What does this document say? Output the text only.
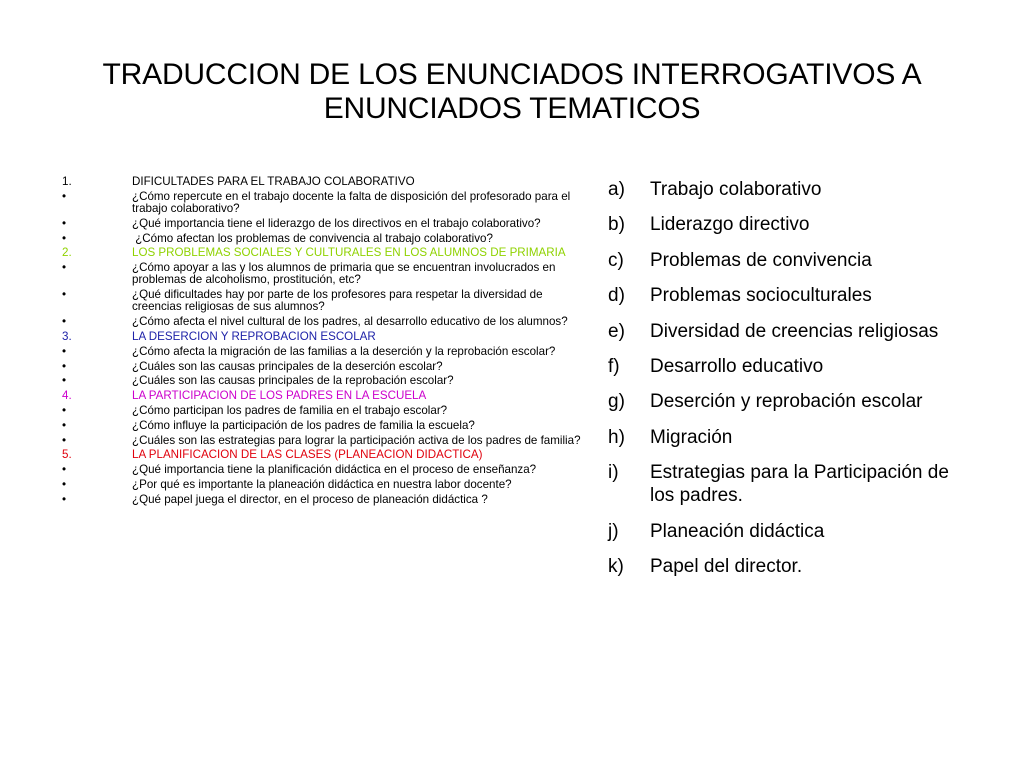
TRADUCCION DE LOS ENUNCIADOS INTERROGATIVOS A
ENUNCIADOS TEMATICOS
1.	DIFICULTADES PARA EL TRABAJO COLABORATIVO
•	¿Cómo repercute en el trabajo docente la falta de disposición del profesorado para el trabajo colaborativo?
•	¿Qué importancia tiene el liderazgo de los directivos en el trabajo colaborativo?
•	¿Cómo afectan los problemas de convivencia al trabajo colaborativo?
2.	LOS PROBLEMAS SOCIALES Y CULTURALES EN LOS ALUMNOS DE PRIMARIA
•	¿Cómo apoyar a las y los alumnos de primaria que se encuentran involucrados en problemas de alcoholismo, prostitución, etc?
•	¿Qué dificultades hay por parte de los profesores para respetar la diversidad de creencias religiosas de sus alumnos?
•	¿Cómo afecta el nivel cultural de los padres, al desarrollo educativo de los alumnos?
3.	LA DESERCION Y REPROBACION ESCOLAR
•	¿Cómo afecta la migración de las familias a la deserción y la reprobación escolar?
•	¿Cuáles son las causas principales de la deserción escolar?
•	¿Cuáles son las causas principales de la reprobación escolar?
4.	LA PARTICIPACION DE LOS PADRES EN LA ESCUELA
•	¿Cómo participan los padres de familia en el trabajo escolar?
•	¿Cómo influye la participación de los padres de familia la escuela?
•	¿Cuáles son las estrategias para lograr la participación activa de los padres de familia?
5.	LA PLANIFICACION DE LAS CLASES (PLANEACION DIDACTICA)
•	¿Qué importancia tiene la planificación didáctica en el proceso de enseñanza?
•	¿Por qué es importante la planeación didáctica en nuestra labor docente?
•	¿Qué papel juega el director, en el proceso de planeación didáctica ?
a)	Trabajo colaborativo
b)	Liderazgo directivo
c)	Problemas de convivencia
d)	Problemas socioculturales
e)	Diversidad de creencias religiosas
f)	Desarrollo educativo
g)	Deserción y reprobación escolar
h)	Migración
i)	Estrategias para la Participación de los padres.
j)	Planeación didáctica
k)	Papel del director.
